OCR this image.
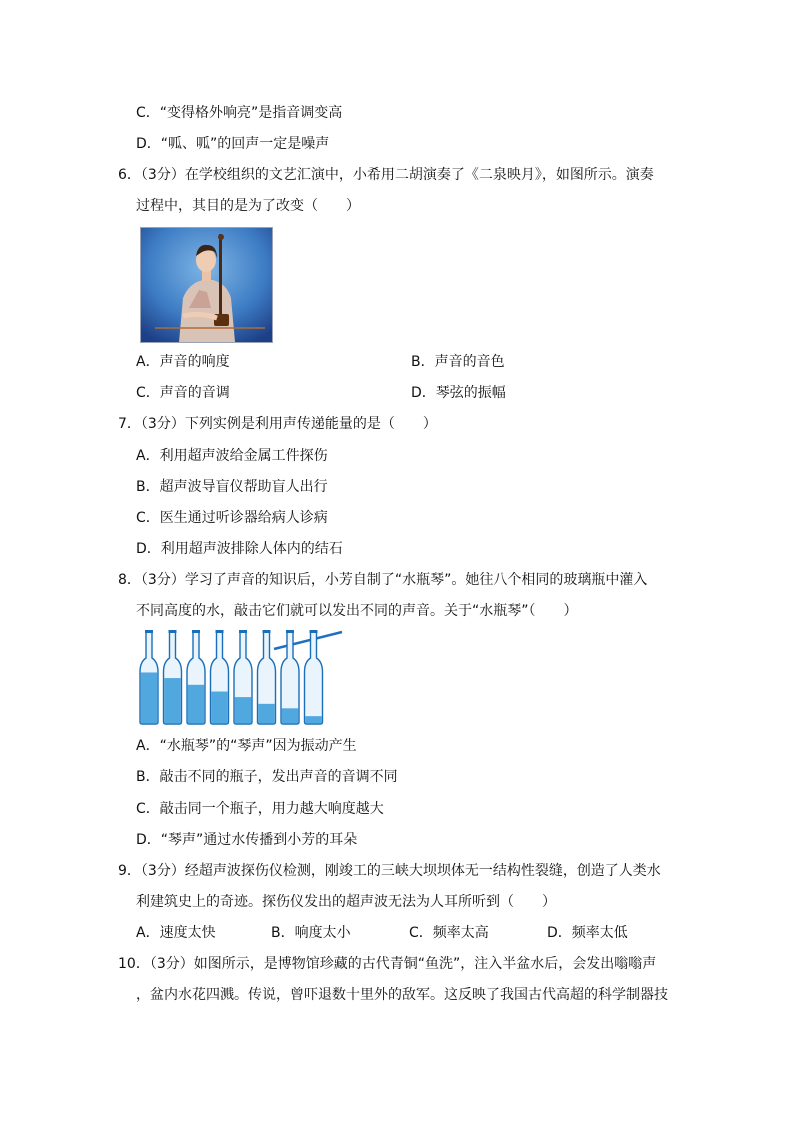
C．“变得格外响亮”是指音调变高
D．“呱、呱”的回声一定是噪声
6．（3分）在学校组织的文艺汇演中，小希用二胡演奏了《二泉映月》，如图所示。演奏
过程中，其目的是为了改变（　　）
A．声音的响度	B．声音的音色
C．声音的音调	D．琴弦的振幅
7．（3分）下列实例是利用声传递能量的是（　　）
A．利用超声波给金属工件探伤
B．超声波导盲仪帮助盲人出行
C．医生通过听诊器给病人诊病
D．利用超声波排除人体内的结石
8．（3分）学习了声音的知识后，小芳自制了“水瓶琴”。她往八个相同的玻璃瓶中灌入
不同高度的水，敲击它们就可以发出不同的声音。关于“水瓶琴”（　　）
A．“水瓶琴”的“琴声”因为振动产生
B．敲击不同的瓶子，发出声音的音调不同
C．敲击同一个瓶子，用力越大响度越大
D．“琴声”通过水传播到小芳的耳朵
9．（3分）经超声波探伤仪检测，刚竣工的三峡大坝坝体无一结构性裂缝，创造了人类水
利建筑史上的奇迹。探伤仪发出的超声波无法为人耳所听到（　　）
A．速度太快	B．响度太小	C．频率太高	D．频率太低
10．（3分）如图所示，是博物馆珍藏的古代青铜“鱼洗”，注入半盆水后，会发出嗡嗡声
，盆内水花四溅。传说，曾吓退数十里外的敌军。这反映了我国古代高超的科学制器技
